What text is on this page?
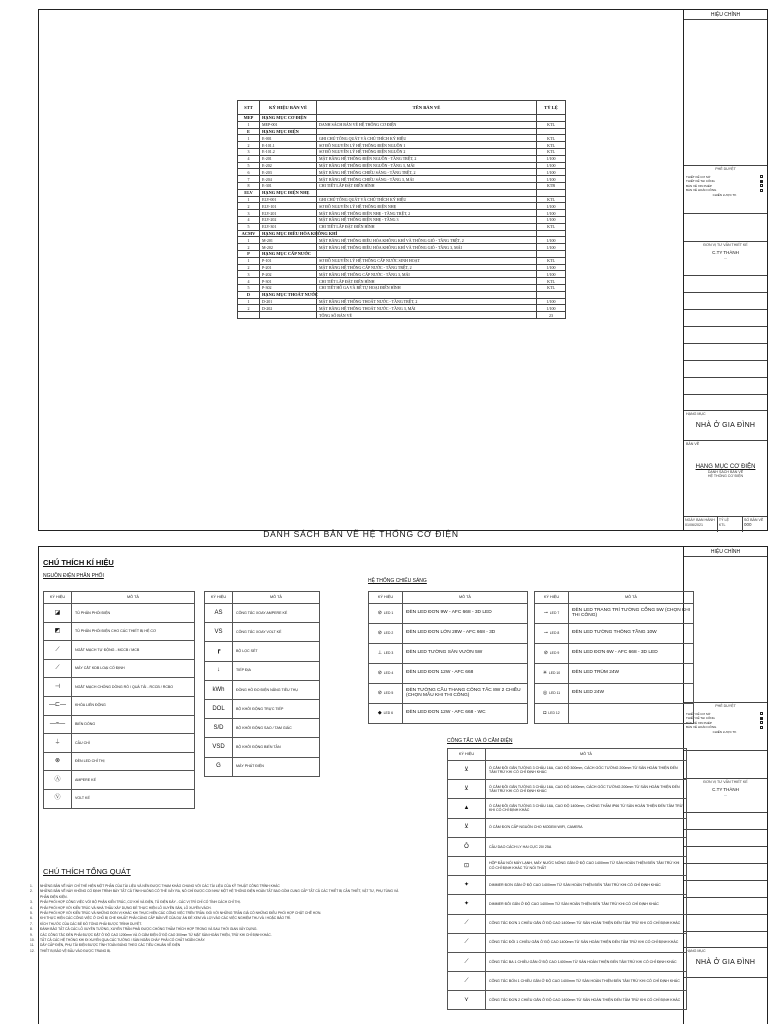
HIỆU CHỈNH
PHÊ DUYỆT
THIẾT KẾ CƠ SỞ
THIẾT KẾ THI CÔNG
BẢN VẼ XIN PHÉP
BẢN VẼ HOÀN CÔNG
CHIẾN LƯỢC TK
ĐƠN VỊ TƯ VẤN THIẾT KẾ
C.TY THÀNH
...
HẠNG MỤC
NHÀ Ở GIA ĐÌNH
BẢN VẼ
HẠNG MỤC CƠ ĐIỆN
DANH SÁCH BẢN VẼ
HỆ THỐNG CƠ ĐIỆN
NGÀY BAN HÀNH
01/06/2021
TỶ LỆ
KTL
SỐ BẢN VẼ
000
STT	KÝ HIỆU BẢN VẼ	TÊN BẢN VẼ	TỶ LỆ
MEP	HẠNG MỤC CƠ ĐIỆN		
1	MEP-001	DANH SÁCH BẢN VẼ HỆ THỐNG CƠ ĐIỆN	KTL
E	HẠNG MỤC ĐIỆN		
1	E-001	GHI CHÚ TỔNG QUÁT VÀ CHÚ THÍCH KÝ HIỆU	KTL
2	E-101.1	SƠ ĐỒ NGUYÊN LÝ HỆ THỐNG ĐIỆN NGUỒN 1	KTL
3	E-101.2	SƠ ĐỒ NGUYÊN LÝ HỆ THỐNG ĐIỆN NGUỒN 2	KTL
4	E-201	MẶT BẰNG HỆ THỐNG ĐIỆN NGUỒN - TẦNG TRỆT, 2	1/100
5	E-202	MẶT BẰNG HỆ THỐNG ĐIỆN NGUỒN - TẦNG 3, MÁI	1/100
6	E-203	MẶT BẰNG HỆ THỐNG CHIẾU SÁNG - TẦNG TRỆT, 2	1/100
7	E-204	MẶT BẰNG HỆ THỐNG CHIẾU SÁNG - TẦNG 3, MÁI	1/100
8	E-301	CHI TIẾT LẮP ĐẶT ĐIỂN HÌNH	KTB
ELV	HẠNG MỤC ĐIỆN NHẸ		
1	ELV-001	GHI CHÚ TỔNG QUÁT VÀ CHÚ THÍCH KÝ HIỆU	KTL
2	ELV-101	SƠ ĐỒ NGUYÊN LÝ HỆ THỐNG ĐIỆN NHẸ	1/100
3	ELV-201	MẶT BẰNG HỆ THỐNG ĐIỆN NHẸ - TẦNG TRỆT, 2	1/100
4	ELV-202	MẶT BẰNG HỆ THỐNG ĐIỆN NHẸ - TẦNG 3	1/100
5	ELV-301	CHI TIẾT LẮP ĐẶT ĐIỂN HÌNH	KTL
ACMV	HẠNG MỤC ĐIỀU HÒA KHÔNG KHÍ		
1	M-201	MẶT BẰNG HỆ THỐNG ĐIỀU HÒA KHÔNG KHÍ VÀ THÔNG GIÓ - TẦNG TRỆT, 2	1/100
2	M-202	MẶT BẰNG HỆ THỐNG ĐIỀU HÒA KHÔNG KHÍ VÀ THÔNG GIÓ - TẦNG 3, MÁI	1/100
P	HẠNG MỤC CẤP NƯỚC		
1	P-101	SƠ ĐỒ NGUYÊN LÝ HỆ THỐNG CẤP NƯỚC SINH HOẠT	KTL
2	P-201	MẶT BẰNG HỆ THỐNG CẤP NƯỚC - TẦNG TRỆT, 2	1/100
3	P-202	MẶT BẰNG HỆ THỐNG CẤP NƯỚC - TẦNG 3, MÁI	1/100
4	P-301	CHI TIẾT LẮP ĐẶT ĐIỂN HÌNH	KTL
5	P-302	CHI TIẾT HỐ GA VÀ BỂ TỰ HOẠI ĐIỂN HÌNH	KTL
D	HẠNG MỤC THOÁT NƯỚC		
1	D-201	MẶT BẰNG HỆ THỐNG THOÁT NƯỚC - TẦNG TRỆT, 2	1/100
2	D-202	MẶT BẰNG HỆ THỐNG THOÁT NƯỚC - TẦNG 3, MÁI	1/100
		TỔNG SỐ BẢN VẼ	23
DANH SÁCH BẢN VẼ HỆ THỐNG CƠ ĐIỆN
HIỆU CHỈNH
PHÊ DUYỆT
THIẾT KẾ CƠ SỞ
THIẾT KẾ THI CÔNG
BẢN VẼ XIN PHÉP
BẢN VẼ HOÀN CÔNG
CHIẾN LƯỢC TK
ĐƠN VỊ TƯ VẤN THIẾT KẾ
C.TY THÀNH
...
HẠNG MỤC
NHÀ Ở GIA ĐÌNH
CHÚ THÍCH KÍ HIỆU
NGUỒN ĐIỆN PHÂN PHỐI
KÝ HIỆU	MÔ TẢ
◪	TỦ PHÂN PHỐI ĐIỆN
◩	TỦ PHÂN PHỐI ĐIỆN CHO CÁC THIẾT BỊ HỆ CƠ
⟋	NGẮT MẠCH TỰ ĐỘNG - MCCB / MCB
⟋	MÁY CẮT KDB LOẠI CỐ ĐỊNH
⊣	NGẮT MẠCH CHỐNG DÒNG RÒ / QUÁ TẢI - RCCB / RCBO
—⊏—	KHÓA LIÊN ĐỘNG
—≈—	BIẾN DÒNG
⏚	CẦU CHÌ
⊗	ĐÈN LED CHỈ THỊ
Ⓐ	AMPERE KẾ
Ⓥ	VOLT KẾ
KÝ HIỆU	MÔ TẢ
AS	CÔNG TẮC XOAY AMPERE KẾ
VS	CÔNG TẮC XOAY VOLT KẾ
┏	BỘ LỌC SÉT
↓	TIẾP ĐỊA
kWh	ĐỒNG HỒ ĐO ĐIỆN NĂNG TIÊU THỤ
DOL	BỘ KHỞI ĐỘNG TRỰC TIẾP
S/D	BỘ KHỞI ĐỘNG SAO / TAM GIÁC
VSD	BỘ KHỞI ĐỘNG BIẾN TẦN
G	MÁY PHÁT ĐIỆN
HỆ THỐNG CHIẾU SÁNG
KÝ HIỆU	MÔ TẢ
⊘ LED 1	ĐÈN LED ĐƠN 9W - AFC 668 - 3D LED
⊘ LED 2	ĐÈN LED ĐƠN LỚN 28W - AFC 668 - 3D
⊥ LED 3	ĐÈN LED TƯỜNG SÂN VƯỜN 5W
⊘ LED 4	ĐÈN LED ĐƠN 12W - AFC 668
⊘ LED 5	ĐÈN TƯỜNG CẦU THANG CÔNG TẮC 8W 2 CHIỀU (CHỌN MẪU KHI THI CÔNG)
◆ LED 6	ĐÈN LED ĐƠN 12W - AFC 668 - WC
KÝ HIỆU	MÔ TẢ
⊸ LED 7	ĐÈN LED TRANG TRÍ TƯỜNG CỔNG 5W (CHỌN KHI THI CÔNG)
⊸ LED 8	ĐÈN LED TƯỜNG THÔNG TẦNG 10W
⊘ LED 9	ĐÈN LED ĐƠN 6W - AFC 668 - 3D LED
✳ LED 10	ĐÈN LED TRÙM 24W
◎ LED 11	ĐÈN LED 24W
◘ LED 12	
CÔNG TẮC VÀ Ổ CẮM ĐIỆN
KÝ HIỆU	MÔ TẢ
⊻	Ổ CẮM ĐÔI GẮN TƯỜNG 3 CHÂU 16A, CAO ĐỘ 300mm, CÁCH GÓC TƯỜNG 200mm TỪ SÀN HOÀN THIỆN ĐẾN TÂM TRỪ KHI CÓ CHỈ ĐỊNH KHÁC
⊻	Ổ CẮM ĐÔI GẮN TƯỜNG 3 CHÂU 16A, CAO ĐỘ 1400mm, CÁCH GÓC TƯỜNG 200mm TỪ SÀN HOÀN THIỆN ĐẾN TÂM TRỪ KHI CÓ CHỈ ĐỊNH KHÁC
▲	Ổ CẮM ĐÔI GẮN TƯỜNG 3 CHÂU 16A, CAO ĐỘ 1400mm, CHỐNG THẤM IP66 TỪ SÀN HOÀN THIỆN ĐẾN TÂM TRỪ KHI CÓ CHỈ ĐỊNH KHÁC
⊻	Ổ CẮM ĐƠN CẤP NGUỒN CHO MODEM WIFI, CAMERA
Ô	CẦU DAO CÁCH LY HAI CỰC 20/ 25A
⊡	HỘP ĐẦU NỐI MÁY LẠNH, MÁY NƯỚC NÓNG GẮN Ở ĐỘ CAO 1400mm TỪ SÀN HOÀN THIỆN ĐẾN TÂM TRỪ KHI CÓ CHỈ ĐỊNH KHÁC TỪ NỐI THẤT
✦	DIMMER ĐƠN GẮN Ở ĐỘ CAO 1400mm TỪ SÀN HOÀN THIỆN ĐẾN TÂM TRỪ KHI CÓ CHỈ ĐỊNH KHÁC
✦	DIMMER ĐÔI GẮN Ở ĐỘ CAO 1400mm TỪ SÀN HOÀN THIỆN ĐẾN TÂM TRỪ KHI CÓ CHỈ ĐỊNH KHÁC
⟋	CÔNG TẮC ĐƠN 1 CHIỀU GẮN Ở ĐỘ CAO 1400mm TỪ SÀN HOÀN THIỆN ĐẾN TÂM TRỪ KHI CÓ CHỈ ĐỊNH KHÁC
⟋	CÔNG TẮC ĐÔI 1 CHIỀU GẮN Ở ĐỘ CAO 1400mm TỪ SÀN HOÀN THIỆN ĐẾN TÂM TRỪ KHI CÓ CHỈ ĐỊNH KHÁC
⟋	CÔNG TẮC BA 1 CHIỀU GẮN Ở ĐỘ CAO 1400mm TỪ SÀN HOÀN THIỆN ĐẾN TÂM TRỪ KHI CÓ CHỈ ĐỊNH KHÁC
⟋	CÔNG TẮC BỐN 1 CHIỀU GẮN Ở ĐỘ CAO 1400mm TỪ SÀN HOÀN THIỆN ĐẾN TÂM TRỪ KHI CÓ CHỈ ĐỊNH KHÁC
⋎	CÔNG TẮC ĐƠN 2 CHIỀU GẮN Ở ĐỘ CAO 1400mm TỪ SÀN HOÀN THIỆN ĐẾN TÂM TRỪ KHI CÓ CHỈ ĐỊNH KHÁC
CHÚ THÍCH TỔNG QUÁT
1.	NHỮNG BẢN VẼ NÀY CHỈ THỂ HIỆN MỘT PHẦN CỦA TÀI LIỆU VÀ NÊN ĐƯỢC THAM KHẢO CHUNG VỚI CÁC TÀI LIỆU CỦA KỸ THUẬT CÔNG TRÌNH KHÁC
2.	NHỮNG BẢN VẼ NÀY KHÔNG CỐ ĐỊNH TRÌNH BÀY TẤT CẢ TÌNH HUỐNG CÓ THỂ XẢY RA, NÓ CHỈ ĐƯỢC COI NHƯ MỘT HỆ THỐNG ĐIỆN HOÀN TẤT BAO GỒM CUNG CẤP TẤT CẢ CÁC THIẾT BỊ CẦN THIẾT, VẬT TƯ, PHỤ TÙNG VÀ PHẦN ĐIỆN KIỆN.
3.	PHẢI PHỐI HỢP CÔNG VIỆC VỚI BỘ PHẬN KIẾN TRÚC, CƠ KHÍ VÀ ĐIỆN, TỦ ĐIỆN ĐÂY - CÁC VỊ TRÍ CHỈ CÓ TÍNH CÁCH CHỈ THỊ.
4.	PHẢI PHỐI HỢP VỚI KIẾN TRÚC VÀ NHÀ THẦU XÂY DỰNG ĐỂ THỰC HIỆN LỖ XUYÊN SÀN, LỖ XUYÊN VÁCH.
5.	PHẢI PHỐI HỢP VỚI KIẾN TRÚC VÀ NHỮNG ĐƠN VỊ KHÁC KHI THỰC HIỆN CÁC CÔNG VIỆC TRÊN TRẦN. ĐỐI VỚI NHỮNG TRẦN GIẢ CÓ NHỮNG ĐIỀU PHỐI HỢP CHẶT CHẼ HƠN.
6.	KHI THỰC HIỆN CÁC CÔNG VIỆC Ở CHỖ BỊ CHE KHUẤT PHẢI CÙNG CẤP BẢN VẼ CỦA DỰ ÁN ĐỂ XEM VÀ LỢI VÀO CÁC VIỆC NGHIỆM THU VÀ / HOẶC BẢO TRÌ.
7.	KÍCH THƯỚC CỦA CÁC BỂ ĐỒ TỔNG PHẢI ĐƯỢC TRÌNH DUYỆT.
8.	ĐÁNH BẢO TẤT CẢ CÁC LỖ XUYÊN TƯỜNG, XUYÊN TRẦN PHẢI ĐƯỢC CHỐNG THẤM THÍCH HỢP TRONG VÀ SAU THỜI GIAN XÂY DỰNG.
9.	CÁC CÔNG TẮC ĐÈN PHẢI ĐƯỢC ĐẶT Ở ĐỘ CAO 1200mm VÀ Ổ CẮM ĐIỆN Ở ĐỘ CAO 300mm TỪ MẶT SÀN HOÀN THIỆN, TRỪ KHI CHỈ ĐỊNH KHÁC.
10.	TẤT CẢ CÁC HỆ THỐNG KHI ĐI XUYÊN QUA CÁC TƯỜNG / SÀN NGĂN CHÁY PHẢI CÓ CHẤT NGĂN CHÁY.
11.	DÂY CẤP ĐIỆN, PHỤ TẢI ĐIỆN ĐƯỢC TÍNH TOÁN ĐÚNG THEO CÁC TIÊU CHUẨN VỀ ĐIỆN
12.	THIẾT BỊ BẢO VỆ ĐẦU VÀO ĐƯỢC TRANG BỊ.
